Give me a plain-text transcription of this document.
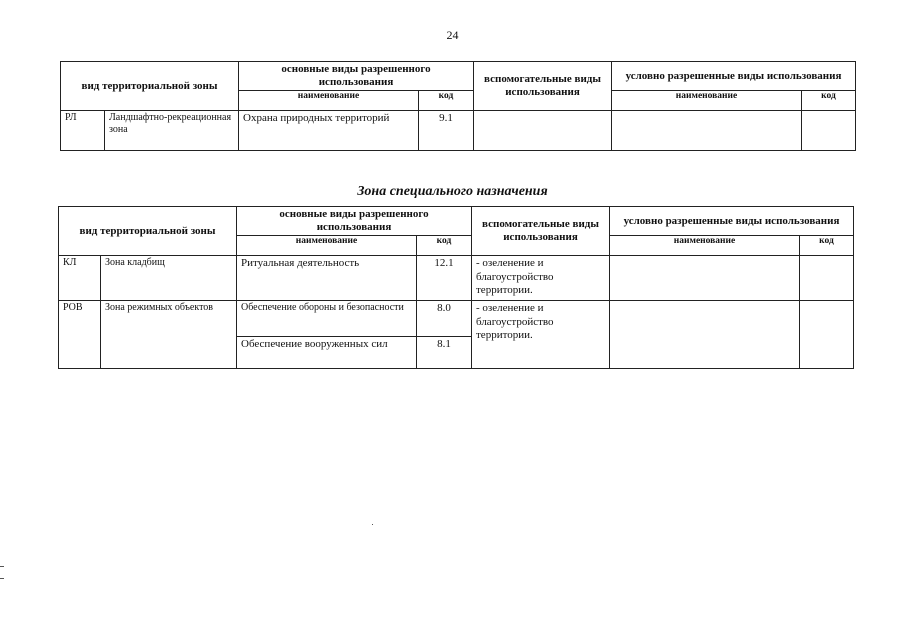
24
вид территориальной зоны		основные виды разрешенного использования		вспомогательные виды использования	условно разрешенные виды использования	
		наименование	код		наименование	код
РЛ	Ландшафтно-рекреационная зона	Охрана природных территорий	9.1			
Зона специального назначения
вид территориальной зоны		основные виды разрешенного использования		вспомогательные виды использования	условно разрешенные виды использования	
		наименование	код		наименование	код
КЛ	Зона кладбищ	Ритуальная деятельность	12.1	- озеленение и благоустройство территории.		
РОВ	Зона режимных объектов	Обеспечение обороны и безопасности	8.0	- озеленение и благоустройство территории.		
		Обеспечение вооруженных сил	8.1			
